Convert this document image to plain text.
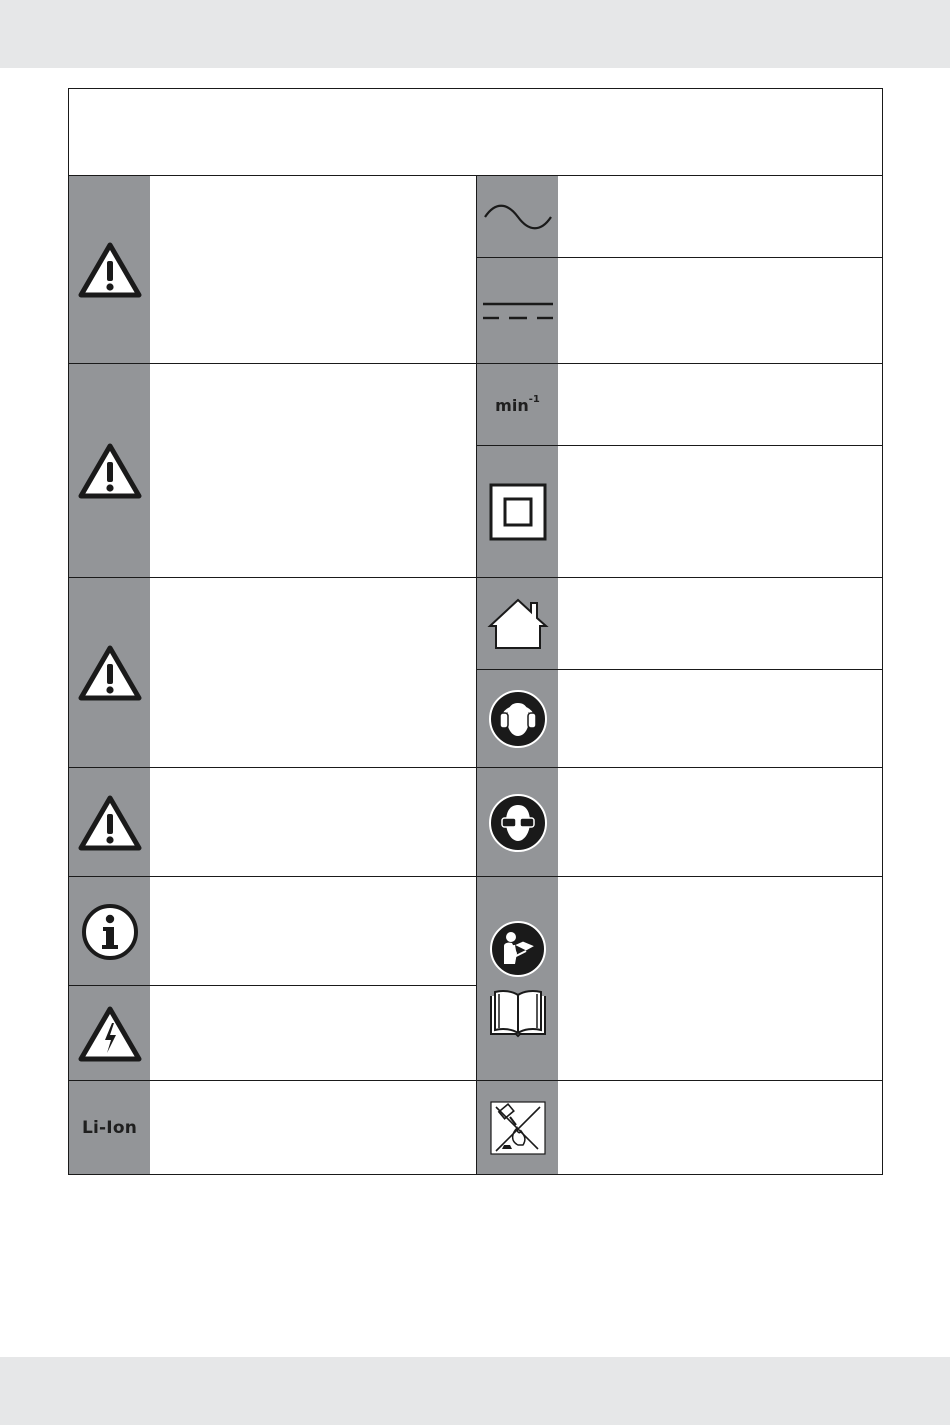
Li-Ion
$\min^{-1}$
